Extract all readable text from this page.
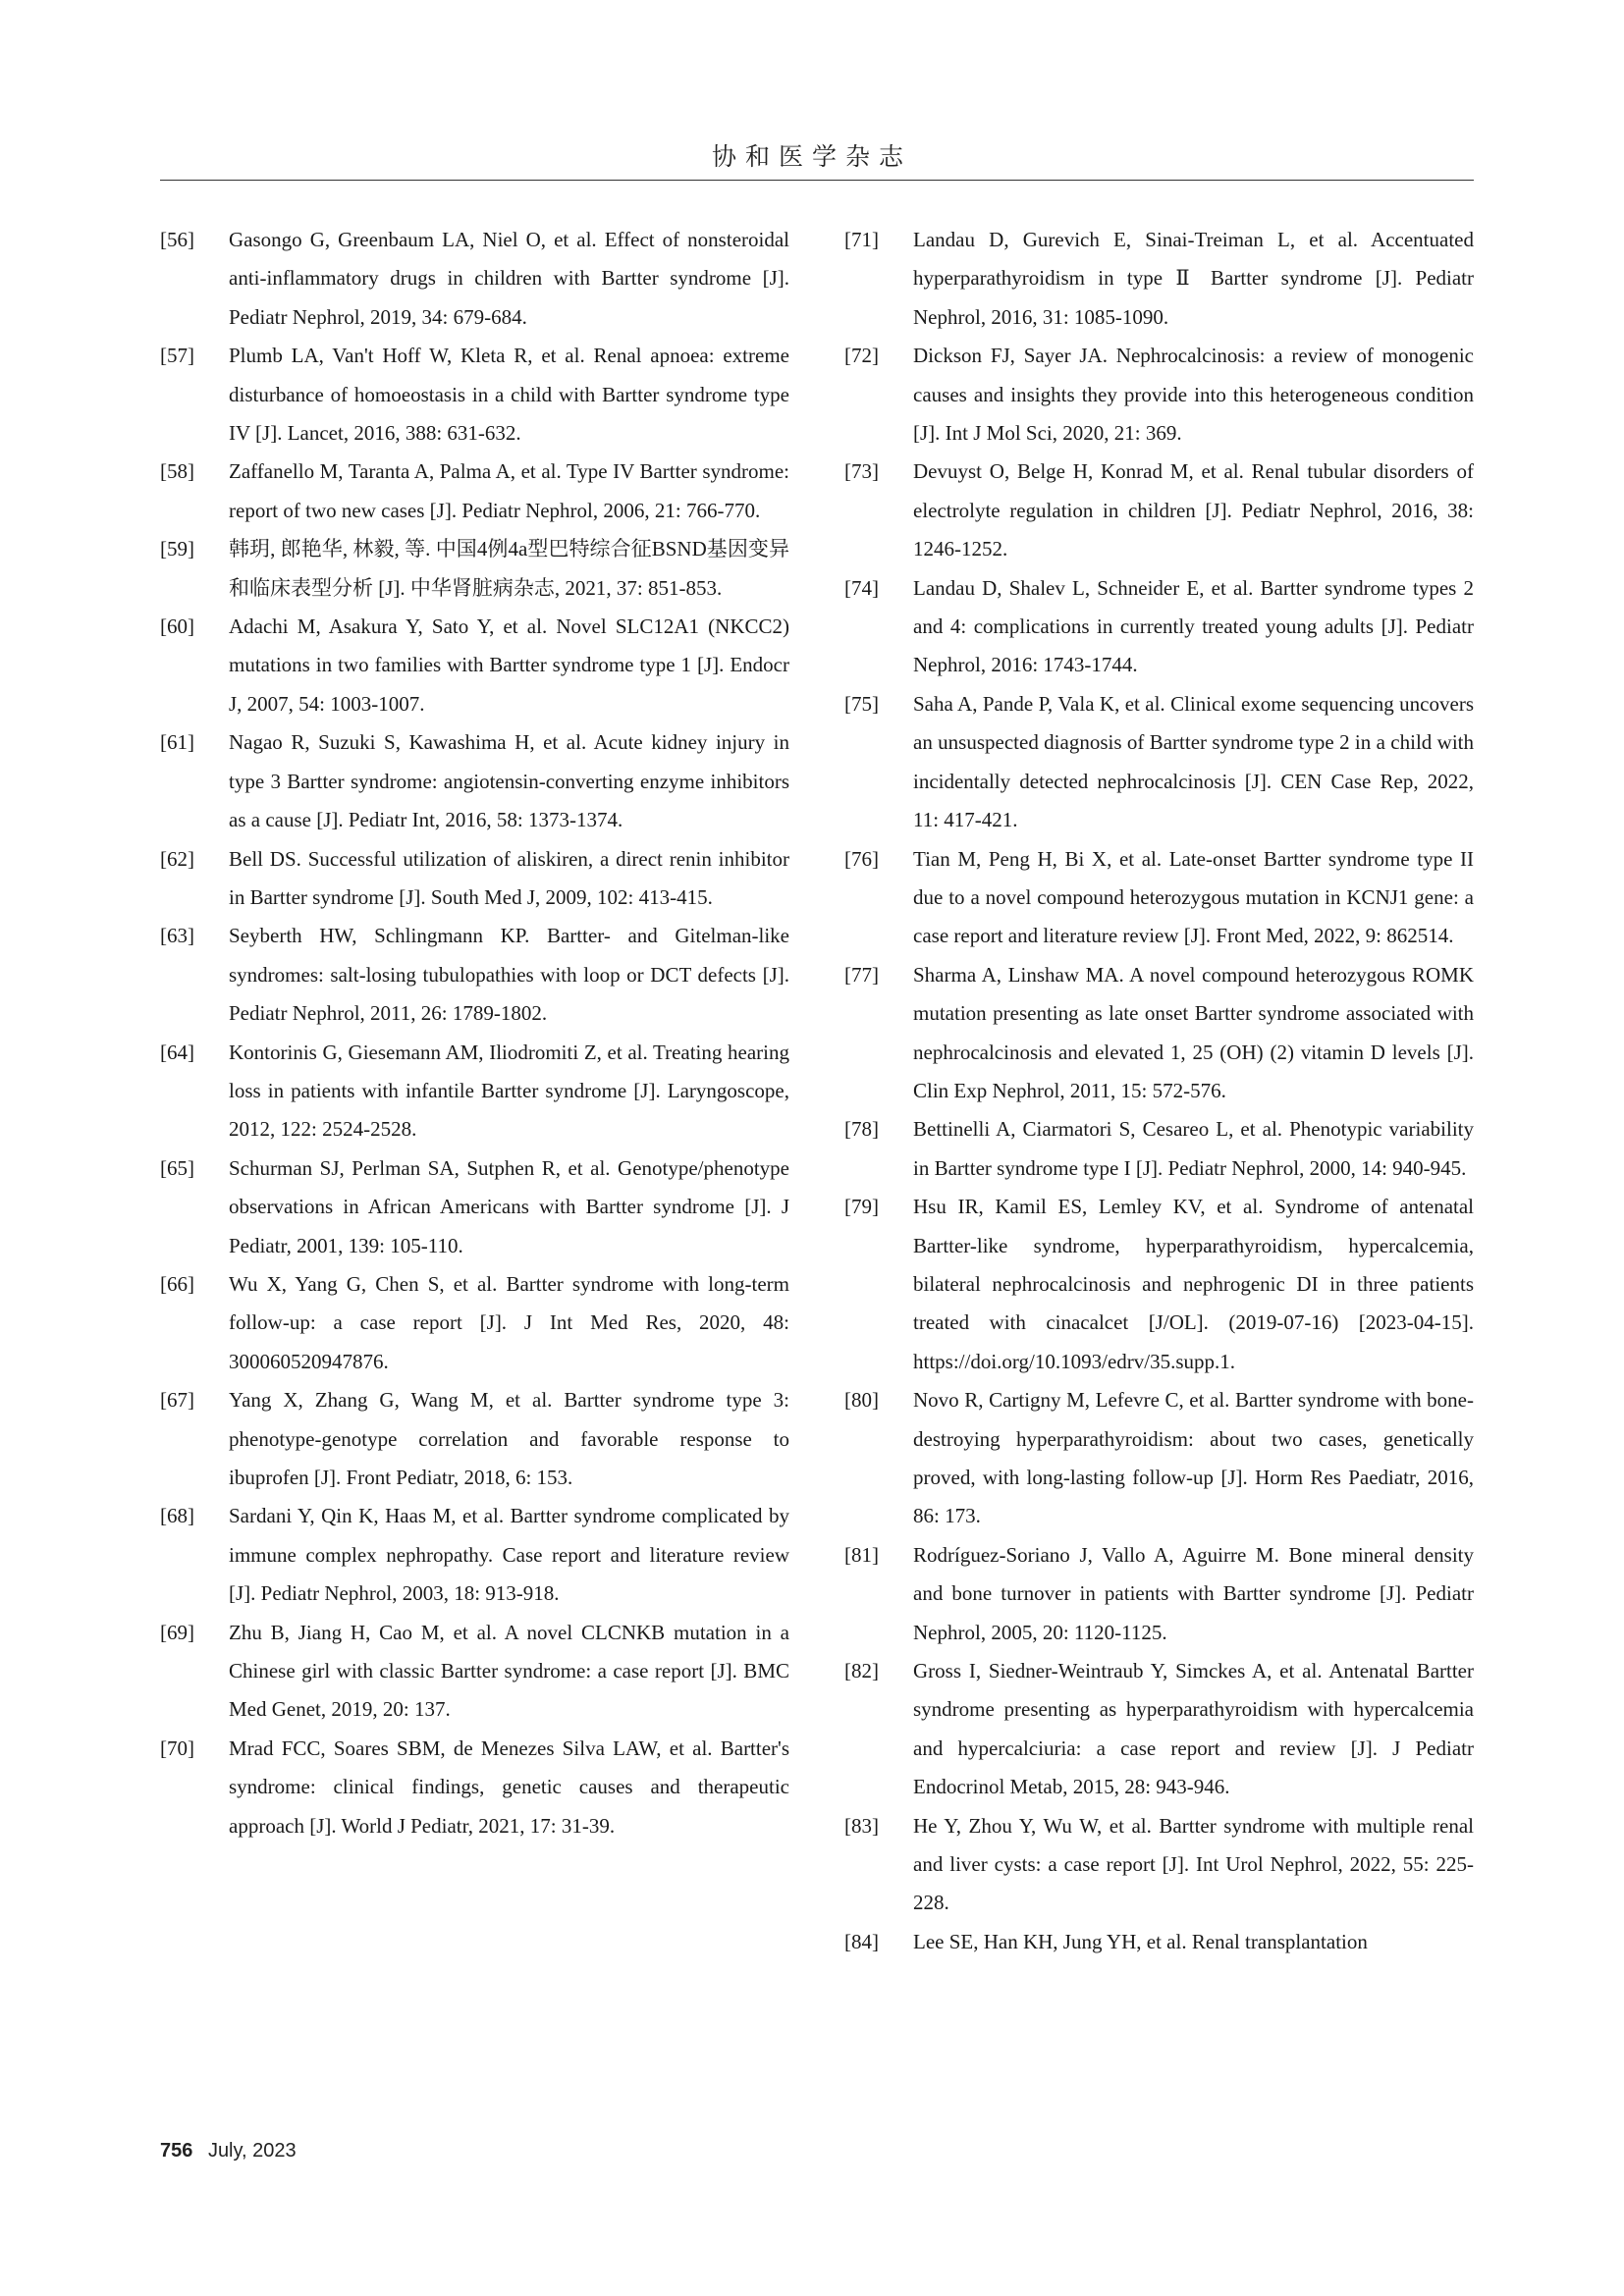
协和医学杂志
[56] Gasongo G, Greenbaum LA, Niel O, et al. Effect of nonsteroidal anti-inflammatory drugs in children with Bartter syndrome [J]. Pediatr Nephrol, 2019, 34: 679-684.
[57] Plumb LA, Van't Hoff W, Kleta R, et al. Renal apnoea: extreme disturbance of homoeostasis in a child with Bartter syndrome type IV [J]. Lancet, 2016, 388: 631-632.
[58] Zaffanello M, Taranta A, Palma A, et al. Type IV Bartter syndrome: report of two new cases [J]. Pediatr Nephrol, 2006, 21: 766-770.
[59] 韩玥, 郎艳华, 林毅, 等. 中国4例4a型巴特综合征BSND基因变异和临床表型分析 [J]. 中华肾脏病杂志, 2021, 37: 851-853.
[60] Adachi M, Asakura Y, Sato Y, et al. Novel SLC12A1 (NKCC2) mutations in two families with Bartter syndrome type 1 [J]. Endocr J, 2007, 54: 1003-1007.
[61] Nagao R, Suzuki S, Kawashima H, et al. Acute kidney injury in type 3 Bartter syndrome: angiotensin-converting enzyme inhibitors as a cause [J]. Pediatr Int, 2016, 58: 1373-1374.
[62] Bell DS. Successful utilization of aliskiren, a direct renin inhibitor in Bartter syndrome [J]. South Med J, 2009, 102: 413-415.
[63] Seyberth HW, Schlingmann KP. Bartter- and Gitelman-like syndromes: salt-losing tubulopathies with loop or DCT defects [J]. Pediatr Nephrol, 2011, 26: 1789-1802.
[64] Kontorinis G, Giesemann AM, Iliodromiti Z, et al. Treating hearing loss in patients with infantile Bartter syndrome [J]. Laryngoscope, 2012, 122: 2524-2528.
[65] Schurman SJ, Perlman SA, Sutphen R, et al. Genotype/phenotype observations in African Americans with Bartter syndrome [J]. J Pediatr, 2001, 139: 105-110.
[66] Wu X, Yang G, Chen S, et al. Bartter syndrome with long-term follow-up: a case report [J]. J Int Med Res, 2020, 48: 300060520947876.
[67] Yang X, Zhang G, Wang M, et al. Bartter syndrome type 3: phenotype-genotype correlation and favorable response to ibuprofen [J]. Front Pediatr, 2018, 6: 153.
[68] Sardani Y, Qin K, Haas M, et al. Bartter syndrome complicated by immune complex nephropathy. Case report and literature review [J]. Pediatr Nephrol, 2003, 18: 913-918.
[69] Zhu B, Jiang H, Cao M, et al. A novel CLCNKB mutation in a Chinese girl with classic Bartter syndrome: a case report [J]. BMC Med Genet, 2019, 20: 137.
[70] Mrad FCC, Soares SBM, de Menezes Silva LAW, et al. Bartter's syndrome: clinical findings, genetic causes and therapeutic approach [J]. World J Pediatr, 2021, 17: 31-39.
[71] Landau D, Gurevich E, Sinai-Treiman L, et al. Accentuated hyperparathyroidism in type Ⅱ Bartter syndrome [J]. Pediatr Nephrol, 2016, 31: 1085-1090.
[72] Dickson FJ, Sayer JA. Nephrocalcinosis: a review of monogenic causes and insights they provide into this heterogeneous condition [J]. Int J Mol Sci, 2020, 21: 369.
[73] Devuyst O, Belge H, Konrad M, et al. Renal tubular disorders of electrolyte regulation in children [J]. Pediatr Nephrol, 2016, 38: 1246-1252.
[74] Landau D, Shalev L, Schneider E, et al. Bartter syndrome types 2 and 4: complications in currently treated young adults [J]. Pediatr Nephrol, 2016: 1743-1744.
[75] Saha A, Pande P, Vala K, et al. Clinical exome sequencing uncovers an unsuspected diagnosis of Bartter syndrome type 2 in a child with incidentally detected nephrocalcinosis [J]. CEN Case Rep, 2022, 11: 417-421.
[76] Tian M, Peng H, Bi X, et al. Late-onset Bartter syndrome type II due to a novel compound heterozygous mutation in KCNJ1 gene: a case report and literature review [J]. Front Med, 2022, 9: 862514.
[77] Sharma A, Linshaw MA. A novel compound heterozygous ROMK mutation presenting as late onset Bartter syndrome associated with nephrocalcinosis and elevated 1, 25 (OH) (2) vitamin D levels [J]. Clin Exp Nephrol, 2011, 15: 572-576.
[78] Bettinelli A, Ciarmatori S, Cesareo L, et al. Phenotypic variability in Bartter syndrome type I [J]. Pediatr Nephrol, 2000, 14: 940-945.
[79] Hsu IR, Kamil ES, Lemley KV, et al. Syndrome of antenatal Bartter-like syndrome, hyperparathyroidism, hypercalcemia, bilateral nephrocalcinosis and nephrogenic DI in three patients treated with cinacalcet [J/OL]. (2019-07-16) [2023-04-15]. https://doi.org/10.1093/edrv/35.supp.1.
[80] Novo R, Cartigny M, Lefevre C, et al. Bartter syndrome with bone-destroying hyperparathyroidism: about two cases, genetically proved, with long-lasting follow-up [J]. Horm Res Paediatr, 2016, 86: 173.
[81] Rodríguez-Soriano J, Vallo A, Aguirre M. Bone mineral density and bone turnover in patients with Bartter syndrome [J]. Pediatr Nephrol, 2005, 20: 1120-1125.
[82] Gross I, Siedner-Weintraub Y, Simckes A, et al. Antenatal Bartter syndrome presenting as hyperparathyroidism with hypercalcemia and hypercalciuria: a case report and review [J]. J Pediatr Endocrinol Metab, 2015, 28: 943-946.
[83] He Y, Zhou Y, Wu W, et al. Bartter syndrome with multiple renal and liver cysts: a case report [J]. Int Urol Nephrol, 2022, 55: 225-228.
[84] Lee SE, Han KH, Jung YH, et al. Renal transplantation
756 July, 2023
